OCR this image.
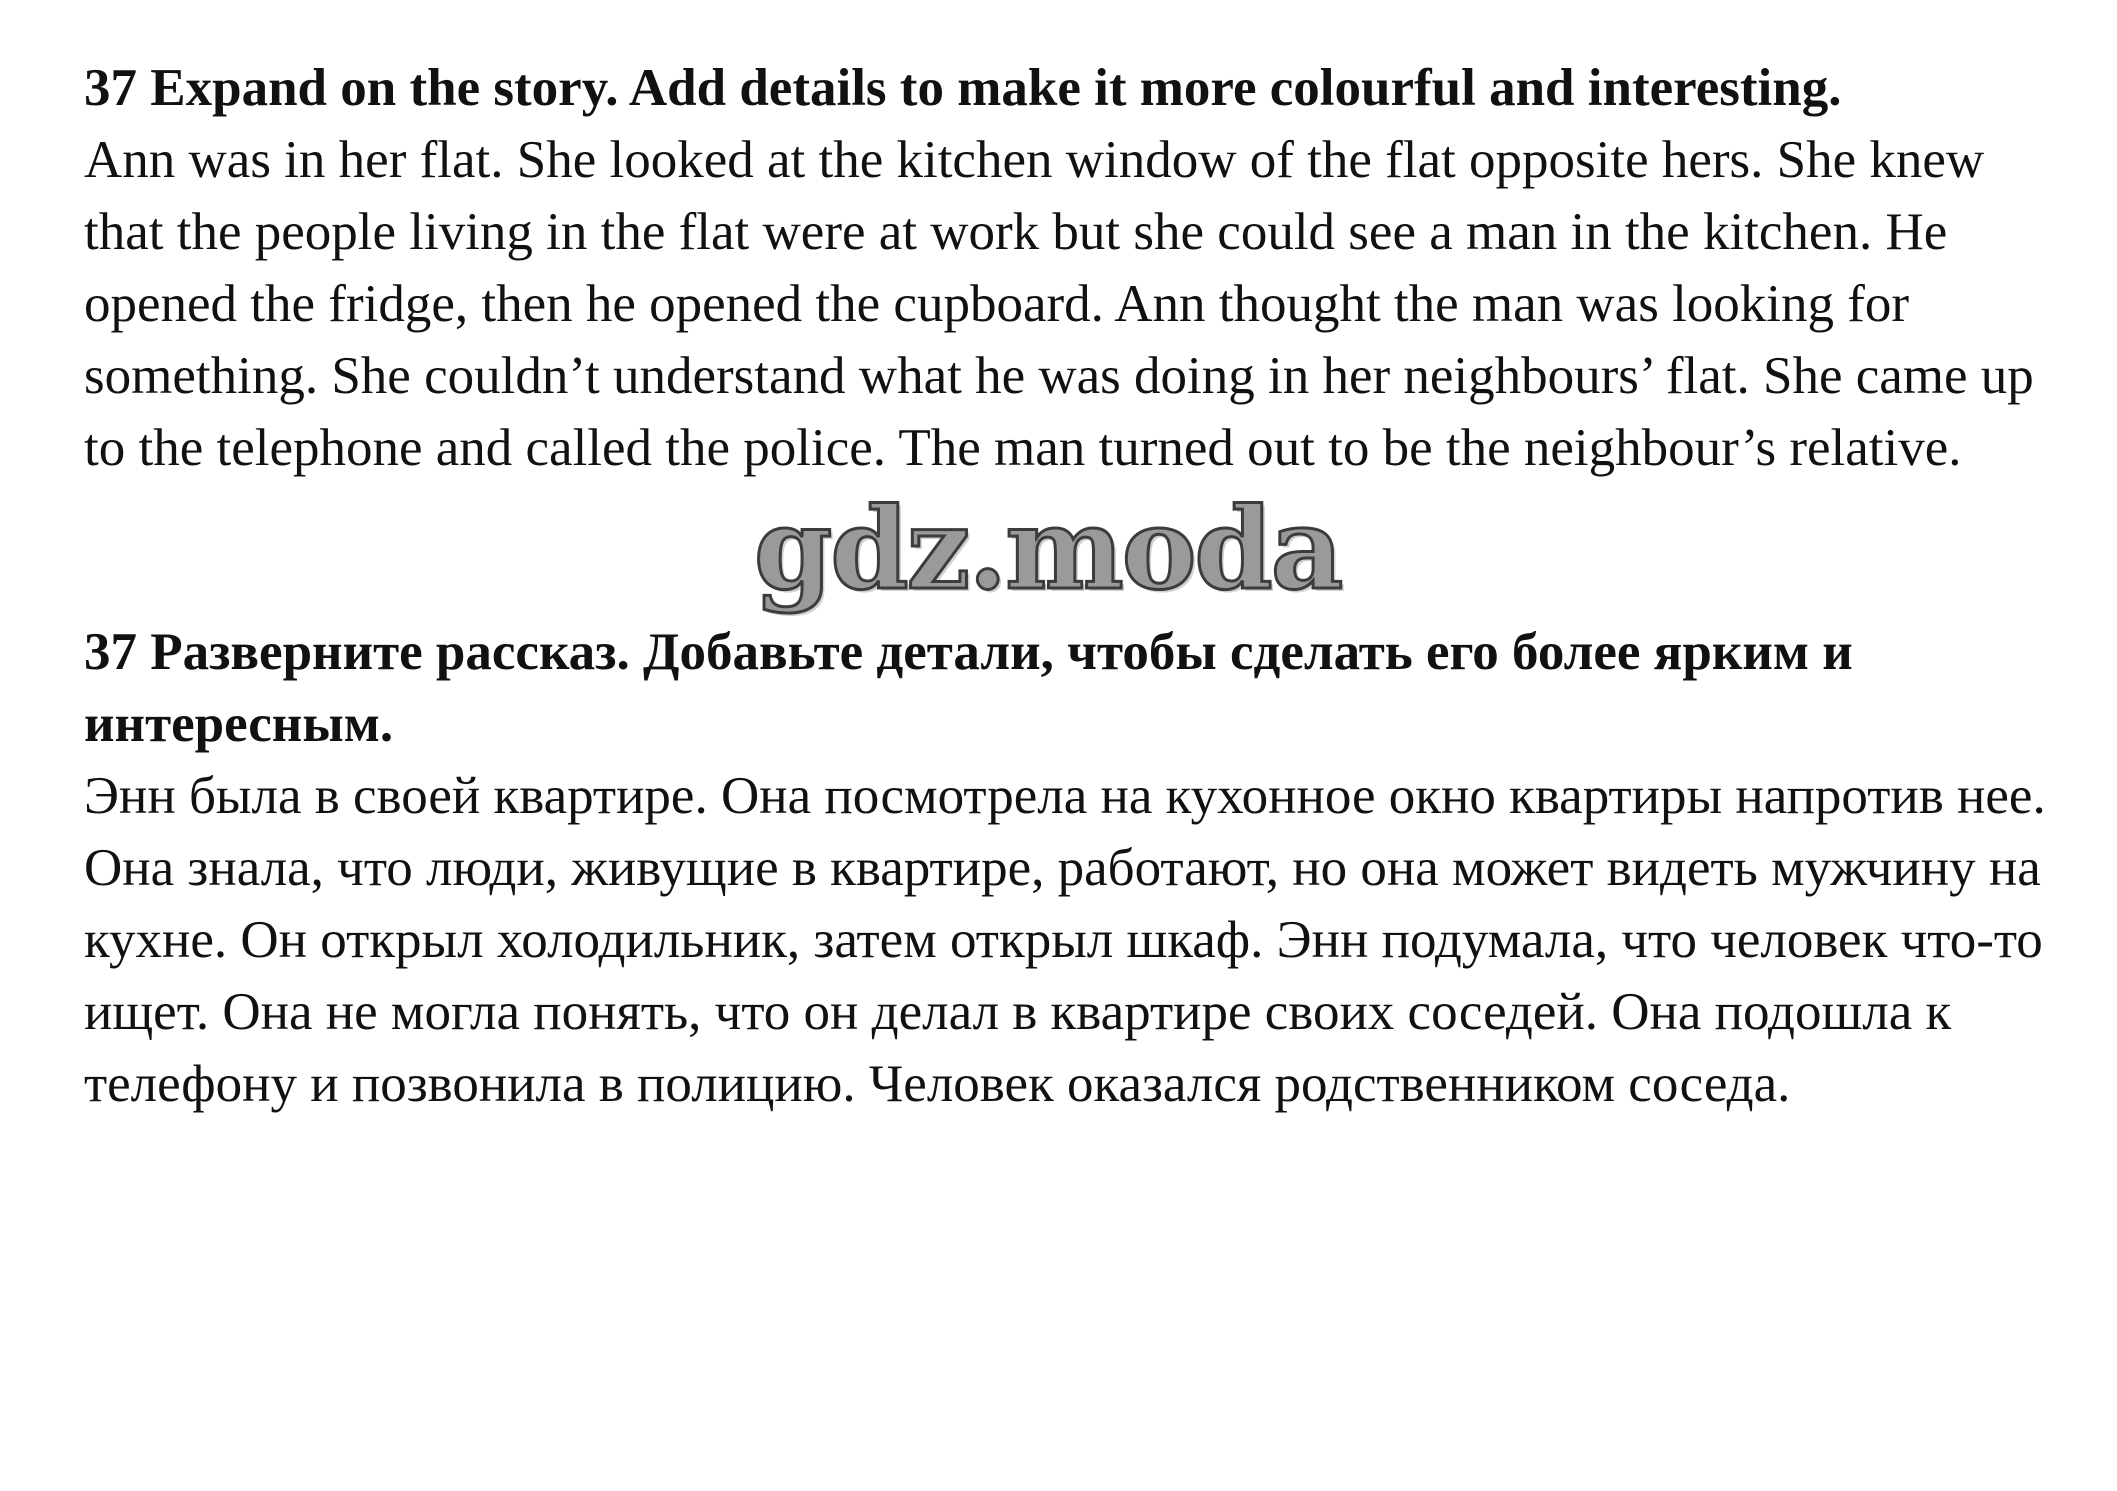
37 Expand on the story. Add details to make it more colourful and interesting.

Ann was in her flat. She looked at the kitchen window of the flat opposite hers. She knew that the people living in the flat were at work but she could see a man in the kitchen. He opened the fridge, then he opened the cupboard. Ann thought the man was looking for something. She couldn’t understand what he was doing in her neighbours’ flat. She came up to the telephone and called the police. The man turned out to be the neighbour’s relative.

gdz.moda

37 Разверните рассказ. Добавьте детали, чтобы сделать его более ярким и интересным.

Энн была в своей квартире. Она посмотрела на кухонное окно квартиры напротив нее. Она знала, что люди, живущие в квартире, работают, но она может видеть мужчину на кухне. Он открыл холодильник, затем открыл шкаф. Энн подумала, что человек что-то ищет. Она не могла понять, что он делал в квартире своих соседей. Она подошла к телефону и позвонила в полицию. Человек оказался родственником соседа.
